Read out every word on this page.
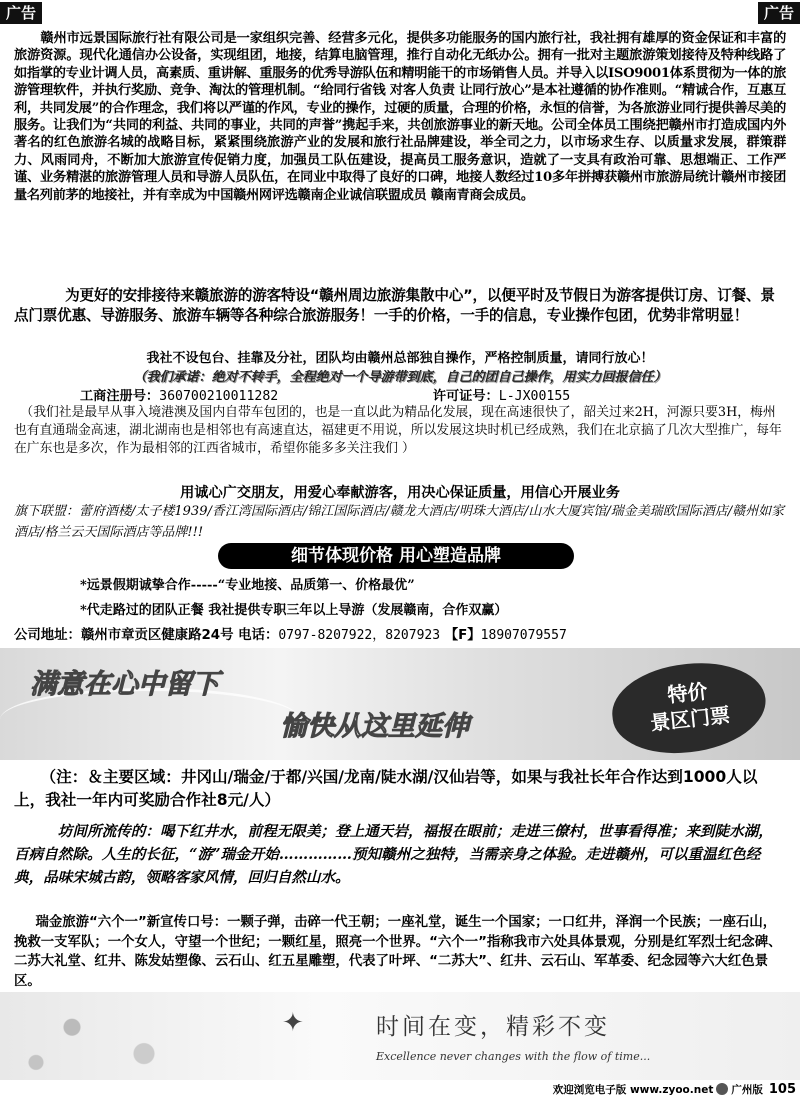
广告	广告

赣州市远景国际旅行社有限公司是一家组织完善、经营多元化，提供多功能服务的国内旅行社，我社拥有雄厚的资金保证和丰富的旅游资源。现代化通信办公设备，实现组团，地接，结算电脑管理，推行自动化无纸办公。拥有一批对主题旅游策划接待及特种线路了如指掌的专业计调人员，高素质、重讲解、重服务的优秀导游队伍和精明能干的市场销售人员。并导入以ISO9001体系贯彻为一体的旅游管理软件，并执行奖励、竞争、淘汰的管理机制。“给同行省钱 对客人负责 让同行放心”是本社遵循的协作准则。“精诚合作，互惠互利，共同发展”的合作理念，我们将以严谨的作风，专业的操作，过硬的质量，合理的价格，永恒的信誉，为各旅游业同行提供善尽美的服务。让我们为“共同的利益、共同的事业，共同的声誉”携起手来，共创旅游事业的新天地。公司全体员工围绕把赣州市打造成国内外著名的红色旅游名城的战略目标，紧紧围绕旅游产业的发展和旅行社品牌建设，举全司之力，以市场求生存、以质量求发展，群策群力、风雨同舟，不断加大旅游宣传促销力度，加强员工队伍建设，提高员工服务意识，造就了一支具有政治可靠、思想端正、工作严谨、业务精湛的旅游管理人员和导游人员队伍，在同业中取得了良好的口碑，地接人数经过10多年拼搏获赣州市旅游局统计赣州市接团量名列前茅的地接社，并有幸成为中国赣州网评选赣南企业诚信联盟成员 赣南青商会成员。

为更好的安排接待来赣旅游的游客特设“赣州周边旅游集散中心”，以便平时及节假日为游客提供订房、订餐、景点门票优惠、导游服务、旅游车辆等各种综合旅游服务！一手的价格，一手的信息，专业操作包团，优势非常明显！

我社不设包台、挂靠及分社，团队均由赣州总部独自操作，严格控制质量，请同行放心！

（我们承诺：绝对不转手，全程绝对一个导游带到底，自己的团自己操作，用实力回报信任）

工商注册号：360700210011282	许可证号：L-JX00155

（我们社是最早从事入境港澳及国内自带车包团的，也是一直以此为精品化发展，现在高速很快了，韶关过来2H，河源只要3H，梅州也有直通瑞金高速，湖北湖南也是相邻也有高速直达，福建更不用说，所以发展这块时机已经成熟，我们在北京搞了几次大型推广，每年在广东也是多次，作为最相邻的江西省城市，希望你能多多关注我们 ）

用诚心广交朋友，用爱心奉献游客，用决心保证质量，用信心开展业务

旗下联盟：蕾府酒楼/太子楼1939/香江湾国际酒店/锦江国际酒店/赣龙大酒店/明珠大酒店/山水大厦宾馆/瑞金美瑞欧国际酒店/赣州如家酒店/格兰云天国际酒店等品牌!!!

细节体现价格 用心塑造品牌

*远景假期诚挚合作-----“专业地接、品质第一、价格最优”

*代走路过的团队正餐 我社提供专职三年以上导游（发展赣南，合作双赢）

公司地址：赣州市章贡区健康路24号 电话：0797-8207922，8207923 【F】18907079557

满意在心中留下
愉快从这里延伸
特价
景区门票

（注：＆主要区域：井冈山/瑞金/于都/兴国/龙南/陡水湖/汉仙岩等，如果与我社长年合作达到1000人以上，我社一年内可奖励合作社8元/人）

坊间所流传的：喝下红井水，前程无限美；登上通天岩，福报在眼前；走进三僚村，世事看得准；来到陡水湖，百病自然除。人生的长征，“游”瑞金开始……………预知赣州之独特，当需亲身之体验。走进赣州，可以重温红色经典，品味宋城古韵，领略客家风情，回归自然山水。

瑞金旅游“六个一”新宣传口号：一颗子弹，击碎一代王朝；一座礼堂，诞生一个国家；一口红井，泽润一个民族；一座石山，挽救一支军队；一个女人，守望一个世纪；一颗红星，照亮一个世界。“六个一”指称我市六处具体景观，分别是红军烈士纪念碑、二苏大礼堂、红井、陈发姑塑像、云石山、红五星雕塑，代表了叶坪、“二苏大”、红井、云石山、军革委、纪念园等六大红色景区。

✦	时间在变，精彩不变
Excellence never changes with the flow of time...
欢迎浏览电子版 www.zyoo.net 广州版 105
